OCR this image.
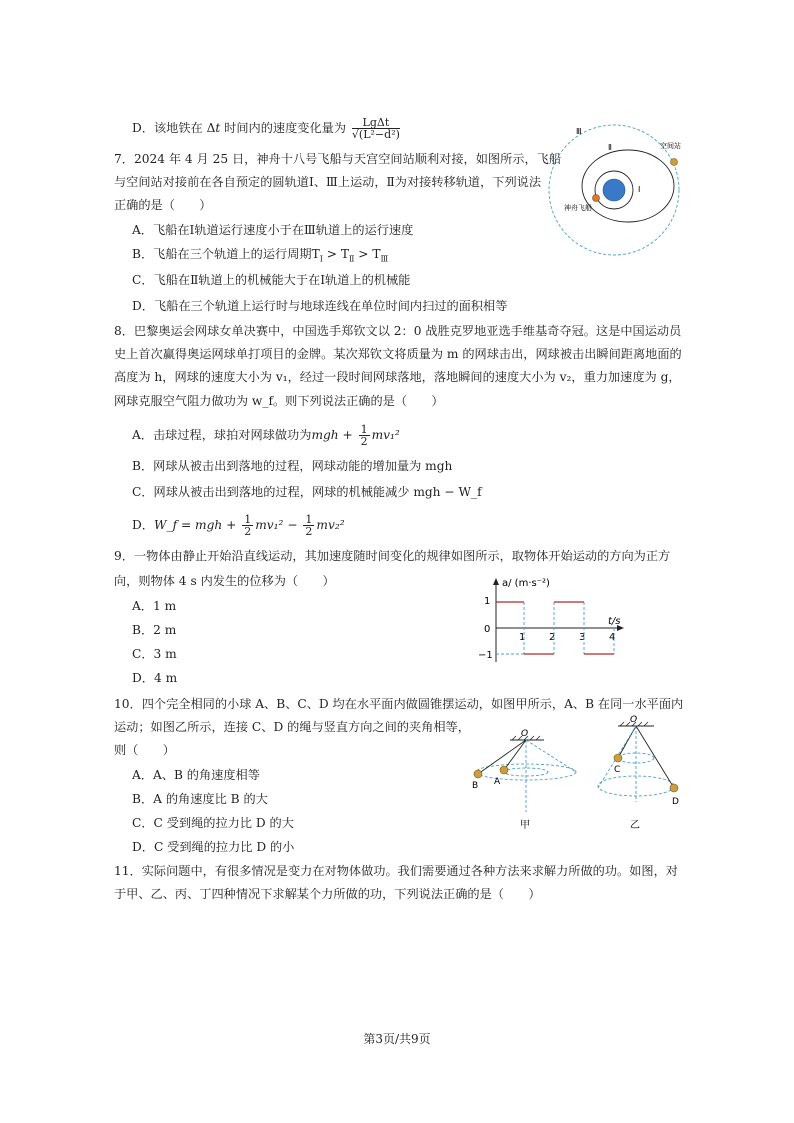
D．该地铁在 Δt 时间内的速度变化量为 $\frac{\text{LgΔt}}{\text{√(L²−d²)}}$
7．2024 年 4 月 25 日，神舟十八号飞船与天宫空间站顺利对接，如图所示，飞船
与空间站对接前在各自预定的圆轨道Ⅰ、Ⅲ上运动，Ⅱ为对接转移轨道，下列说法
正确的是（　　）
A．飞船在Ⅰ轨道运行速度小于在Ⅲ轨道上的运行速度
B．飞船在三个轨道上的运行周期$T_Ⅰ > T_Ⅱ > T_Ⅲ$
C．飞船在Ⅱ轨道上的机械能大于在Ⅰ轨道上的机械能
D．飞船在三个轨道上运行时与地球连线在单位时间内扫过的面积相等
Ⅲ
Ⅱ
Ⅰ
空间站
神舟飞船
8．巴黎奥运会网球女单决赛中，中国选手郑钦文以 2：0 战胜克罗地亚选手维基奇夺冠。这是中国运动员
史上首次赢得奥运网球单打项目的金牌。某次郑钦文将质量为 m 的网球击出，网球被击出瞬间距离地面的
高度为 h，网球的速度大小为 v₁，经过一段时间网球落地，落地瞬间的速度大小为 v₂，重力加速度为 g，
网球克服空气阻力做功为 w_f。则下列说法正确的是（　　）
A．击球过程，球拍对网球做功为mgh + $\frac{1}{2} mv_1^2$
B．网球从被击出到落地的过程，网球动能的增加量为 mgh
C．网球从被击出到落地的过程，网球的机械能减少 mgh − W_f
D．W_f = mgh + $\frac{1}{2} mv_1^2 - \frac{1}{2} mv_2^2$
9．一物体由静止开始沿直线运动，其加速度随时间变化的规律如图所示，取物体开始运动的方向为正方
向，则物体 4 s 内发生的位移为（　　）
A．1 m
B．2 m
C．3 m
D．4 m
a/ (m·s⁻²)
t/s
1
0
−1
1 2 3 4
10．四个完全相同的小球 A、B、C、D 均在水平面内做圆锥摆运动，如图甲所示，A、B 在同一水平面内
运动；如图乙所示，连接 C、D 的绳与竖直方向之间的夹角相等，
则（　　）
A．A、B 的角速度相等
B．A 的角速度比 B 的大
C．C 受到绳的拉力比 D 的大
D．C 受到绳的拉力比 D 的小
O
B A
甲
O
C
D
乙
11．实际问题中，有很多情况是变力在对物体做功。我们需要通过各种方法来求解力所做的功。如图，对
于甲、乙、丙、丁四种情况下求解某个力所做的功，下列说法正确的是（　　）
第3页/共9页
